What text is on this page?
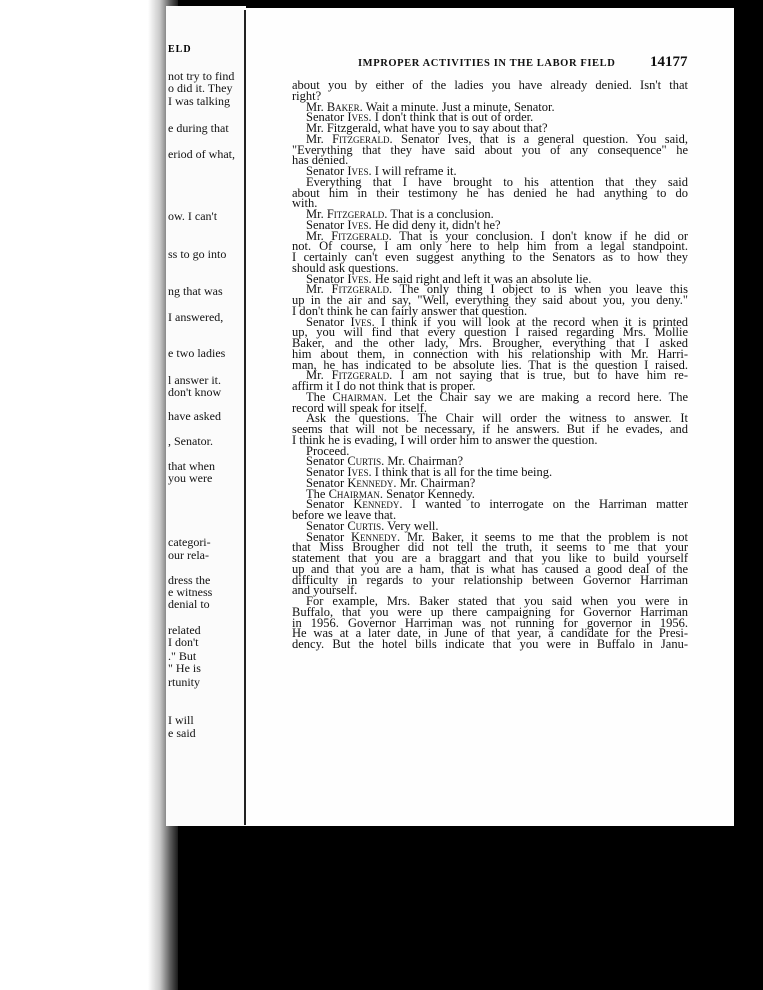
ELD
not try to find
o did it. They
I was talking
e during that
eriod of what,
ow. I can't
ss to go into
ng that was
I answered,
e two ladies
l answer it.
don't know
have asked
, Senator.
that when
you were
categori-
our rela-
dress the
e witness
denial to
related
I don't
." But
" He is
rtunity
I will
e said
IMPROPER ACTIVITIES IN THE LABOR FIELD 14177
about you by either of the ladies you have already denied. Isn't that
right?
Mr. Baker. Wait a minute. Just a minute, Senator.
Senator Ives. I don't think that is out of order.
Mr. Fitzgerald, what have you to say about that?
Mr. Fitzgerald. Senator Ives, that is a general question. You said,
"Everything that they have said about you of any consequence" he
has denied.
Senator Ives. I will reframe it.
Everything that I have brought to his attention that they said
about him in their testimony he has denied he had anything to do
with.
Mr. Fitzgerald. That is a conclusion.
Senator Ives. He did deny it, didn't he?
Mr. Fitzgerald. That is your conclusion. I don't know if he did or
not. Of course, I am only here to help him from a legal standpoint.
I certainly can't even suggest anything to the Senators as to how they
should ask questions.
Senator Ives. He said right and left it was an absolute lie.
Mr. Fitzgerald. The only thing I object to is when you leave this
up in the air and say, "Well, everything they said about you, you deny."
I don't think he can fairly answer that question.
Senator Ives. I think if you will look at the record when it is printed
up, you will find that every question I raised regarding Mrs. Mollie
Baker, and the other lady, Mrs. Brougher, everything that I asked
him about them, in connection with his relationship with Mr. Harri-
man, he has indicated to be absolute lies. That is the question I raised.
Mr. Fitzgerald. I am not saying that is true, but to have him re-
affirm it I do not think that is proper.
The Chairman. Let the Chair say we are making a record here. The
record will speak for itself.
Ask the questions. The Chair will order the witness to answer. It
seems that will not be necessary, if he answers. But if he evades, and
I think he is evading, I will order him to answer the question.
Proceed.
Senator Curtis. Mr. Chairman?
Senator Ives. I think that is all for the time being.
Senator Kennedy. Mr. Chairman?
The Chairman. Senator Kennedy.
Senator Kennedy. I wanted to interrogate on the Harriman matter
before we leave that.
Senator Curtis. Very well.
Senator Kennedy. Mr. Baker, it seems to me that the problem is not
that Miss Brougher did not tell the truth, it seems to me that your
statement that you are a braggart and that you like to build yourself
up and that you are a ham, that is what has caused a good deal of the
difficulty in regards to your relationship between Governor Harriman
and yourself.
For example, Mrs. Baker stated that you said when you were in
Buffalo, that you were up there campaigning for Governor Harriman
in 1956. Governor Harriman was not running for governor in 1956.
He was at a later date, in June of that year, a candidate for the Presi-
dency. But the hotel bills indicate that you were in Buffalo in Janu-
